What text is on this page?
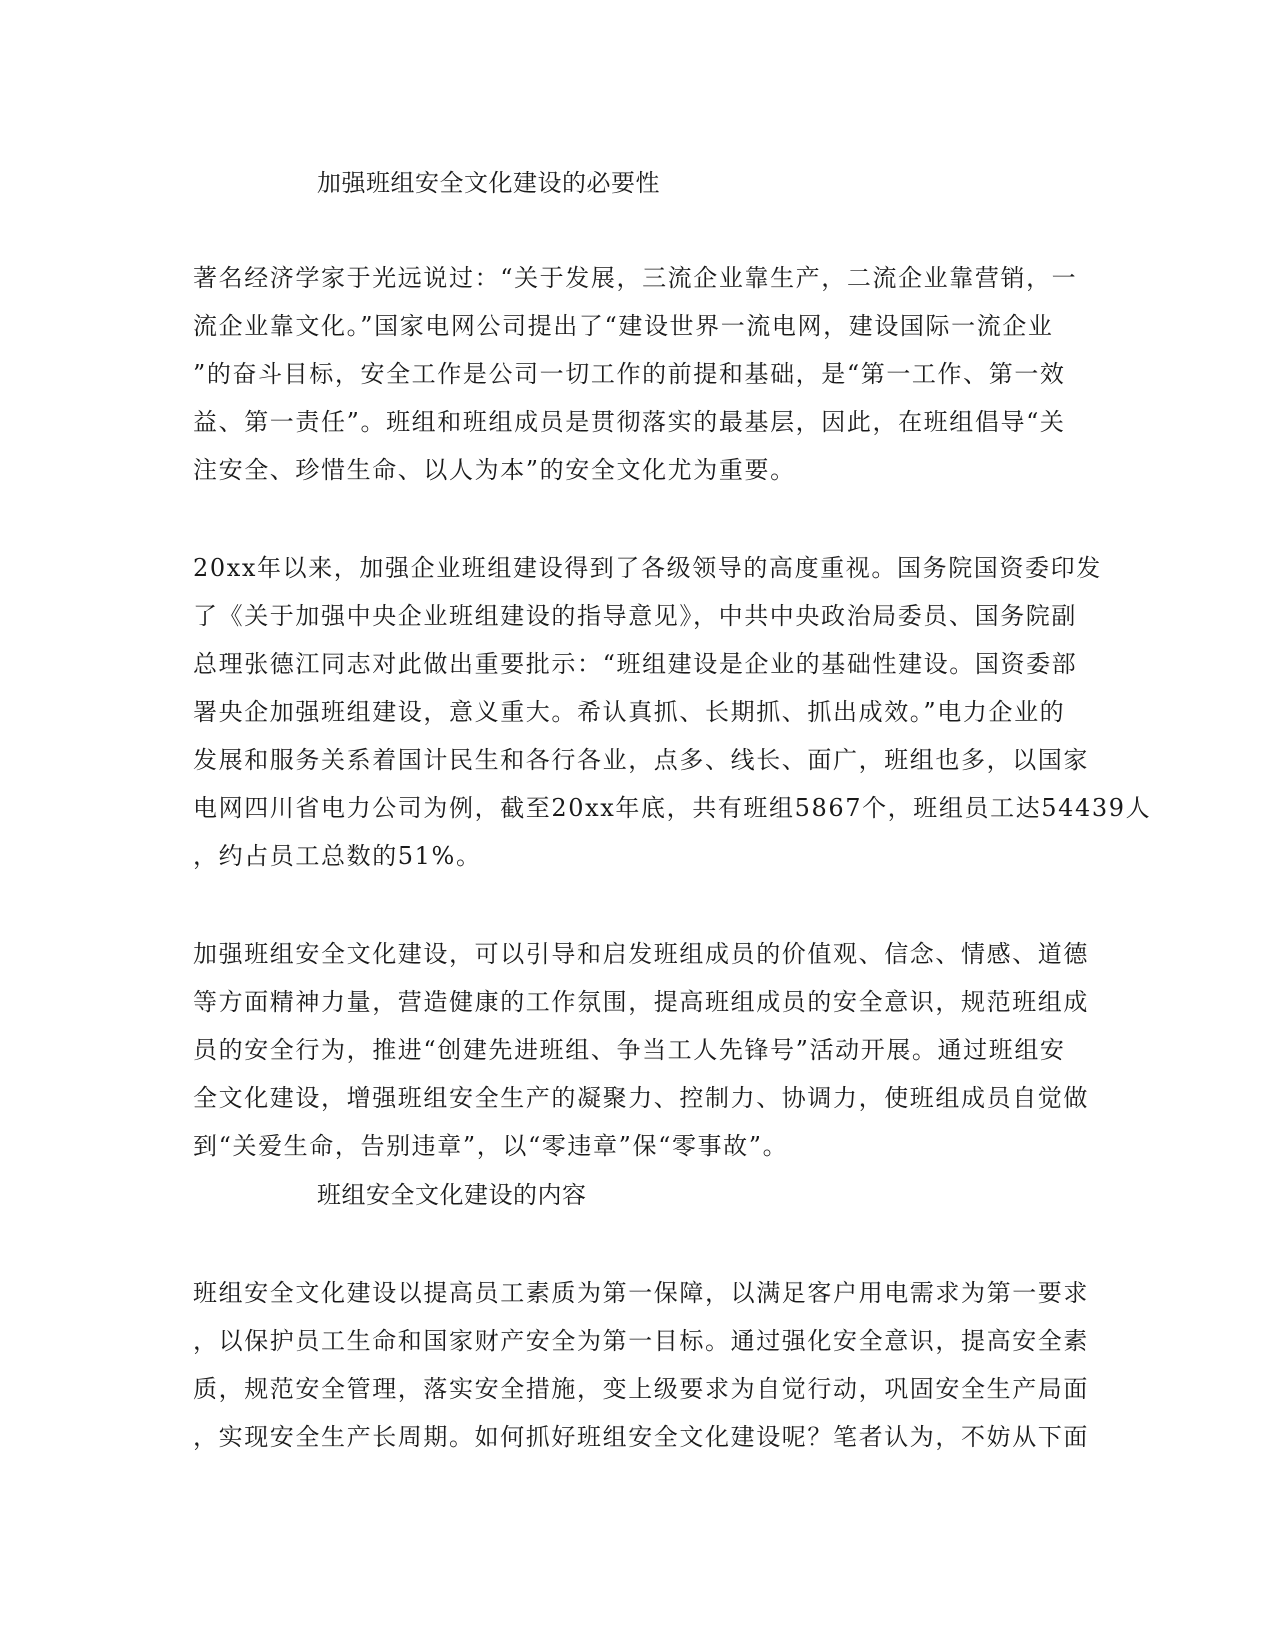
加强班组安全文化建设的必要性
著名经济学家于光远说过：“关于发展，三流企业靠生产，二流企业靠营销，一
流企业靠文化。”国家电网公司提出了“建设世界一流电网，建设国际一流企业
”的奋斗目标，安全工作是公司一切工作的前提和基础，是“第一工作、第一效
益、第一责任”。班组和班组成员是贯彻落实的最基层，因此，在班组倡导“关
注安全、珍惜生命、以人为本”的安全文化尤为重要。
20xx年以来，加强企业班组建设得到了各级领导的高度重视。国务院国资委印发
了《关于加强中央企业班组建设的指导意见》，中共中央政治局委员、国务院副
总理张德江同志对此做出重要批示：“班组建设是企业的基础性建设。国资委部
署央企加强班组建设，意义重大。希认真抓、长期抓、抓出成效。”电力企业的
发展和服务关系着国计民生和各行各业，点多、线长、面广，班组也多，以国家
电网四川省电力公司为例，截至20xx年底，共有班组5867个，班组员工达54439人
，约占员工总数的51%。
加强班组安全文化建设，可以引导和启发班组成员的价值观、信念、情感、道德
等方面精神力量，营造健康的工作氛围，提高班组成员的安全意识，规范班组成
员的安全行为，推进“创建先进班组、争当工人先锋号”活动开展。通过班组安
全文化建设，增强班组安全生产的凝聚力、控制力、协调力，使班组成员自觉做
到“关爱生命，告别违章”，以“零违章”保“零事故”。
班组安全文化建设的内容
班组安全文化建设以提高员工素质为第一保障，以满足客户用电需求为第一要求
，以保护员工生命和国家财产安全为第一目标。通过强化安全意识，提高安全素
质，规范安全管理，落实安全措施，变上级要求为自觉行动，巩固安全生产局面
，实现安全生产长周期。如何抓好班组安全文化建设呢？笔者认为，不妨从下面
